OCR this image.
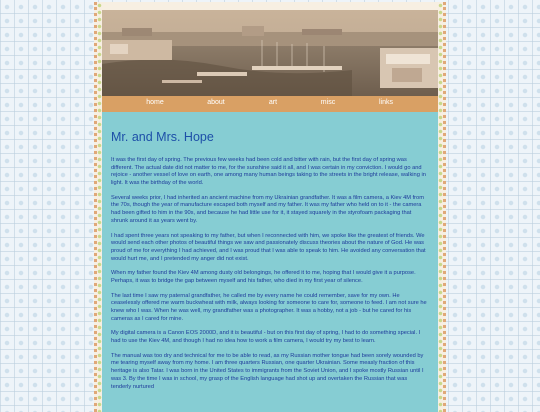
home	about	art	misc	links
Mr. and Mrs. Hope

It was the first day of spring. The previous few weeks had been cold and bitter with rain, but the first day of spring was different. The actual date did not matter to me, for the sunshine said it all, and I was certain in my conviction. I would go and rejoice - another vessel of love on earth, one among many human beings taking to the streets in the bright release, walking in light. It was the birthday of the world.

Several weeks prior, I had inherited an ancient machine from my Ukrainian grandfather. It was a film camera, a Kiev 4M from the 70s, though the year of manufacture escaped both myself and my father. It was my father who held on to it - the camera had been gifted to him in the 90s, and because he had little use for it, it stayed squarely in the styrofoam packaging that shrunk around it as years went by.

I had spent three years not speaking to my father, but when I reconnected with him, we spoke like the greatest of friends. We would send each other photos of beautiful things we saw and passionately discuss theories about the nature of God. He was proud of me for everything I had achieved, and I was proud that I was able to speak to him. He avoided any conversation that would hurt me, and I pretended my anger did not exist.

When my father found the Kiev 4M among dusty old belongings, he offered it to me, hoping that I would give it a purpose. Perhaps, it was to bridge the gap between myself and his father, who died in my first year of silence.

The last time I saw my paternal grandfather, he called me by every name he could remember, save for my own. He ceaselessly offered me warm buckwheat with milk, always looking for someone to care for, someone to feed. I am not sure he knew who I was. When he was well, my grandfather was a photographer. It was a hobby, not a job - but he cared for his cameras as I cared for mine.

My digital camera is a Canon EOS 2000D, and it is beautiful - but on this first day of spring, I had to do something special. I had to use the Kiev 4M, and though I had no idea how to work a film camera, I would try my best to learn.

The manual was too dry and technical for me to be able to read, as my Russian mother tongue had been sorely wounded by me tearing myself away from my home. I am three quarters Russian, one quarter Ukrainian. Some measly fraction of this heritage is also Tatar. I was born in the United States to immigrants from the Soviet Union, and I spoke mostly Russian until I was 3. By the time I was in school, my grasp of the English language had shot up and overtaken the Russian that was tenderly nurtured
